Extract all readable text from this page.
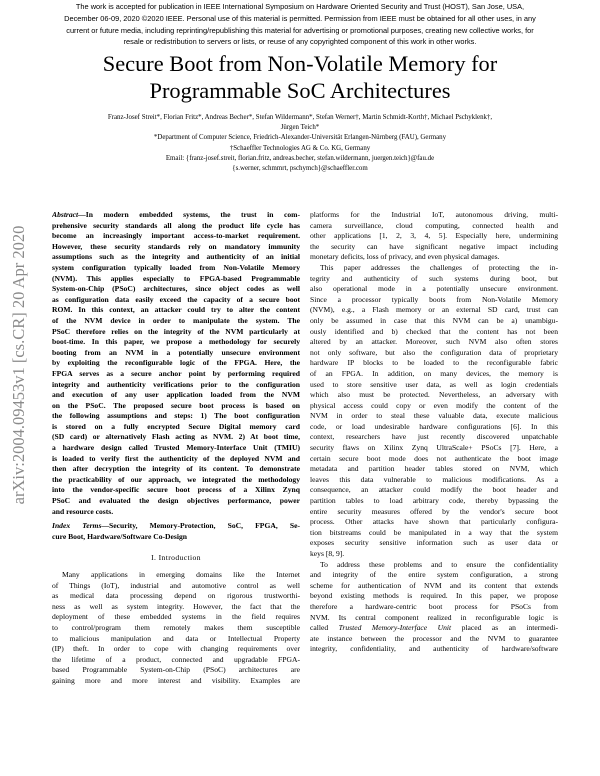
The work is accepted for publication in IEEE International Symposium on Hardware Oriented Security and Trust (HOST), San Jose, USA,
December 06-09, 2020 ©2020 IEEE. Personal use of this material is permitted. Permission from IEEE must be obtained for all other uses, in any
current or future media, including reprinting/republishing this material for advertising or promotional purposes, creating new collective works, for
resale or redistribution to servers or lists, or reuse of any copyrighted component of this work in other works.
Secure Boot from Non-Volatile Memory for
Programmable SoC Architectures
Franz-Josef Streit*, Florian Fritz*, Andreas Becher*, Stefan Wildermann*, Stefan Werner†, Martin Schmidt-Korth†, Michael Pschyklenk†,
Jürgen Teich*
*Department of Computer Science, Friedrich-Alexander-Universität Erlangen-Nürnberg (FAU), Germany
†Schaeffler Technologies AG & Co. KG, Germany
Email: {franz-josef.streit, florian.fritz, andreas.becher, stefan.wildermann, juergen.teich}@fau.de
{s.werner, schmmrt, pschymch}@schaeffler.com
arXiv:2004.09453v1 [cs.CR] 20 Apr 2020
Abstract—In modern embedded systems, the trust in com-
prehensive security standards all along the product life cycle has
become an increasingly important access-to-market requirement.
However, these security standards rely on mandatory immunity
assumptions such as the integrity and authenticity of an initial
system configuration typically loaded from Non-Volatile Memory
(NVM). This applies especially to FPGA-based Programmable
System-on-Chip (PSoC) architectures, since object codes as well
as configuration data easily exceed the capacity of a secure boot
ROM. In this context, an attacker could try to alter the content
of the NVM device in order to manipulate the system. The
PSoC therefore relies on the integrity of the NVM particularly at
boot-time. In this paper, we propose a methodology for securely
booting from an NVM in a potentially unsecure environment
by exploiting the reconfigurable logic of the FPGA. Here, the
FPGA serves as a secure anchor point by performing required
integrity and authenticity verifications prior to the configuration
and execution of any user application loaded from the NVM
on the PSoC. The proposed secure boot process is based on
the following assumptions and steps: 1) The boot configuration
is stored on a fully encrypted Secure Digital memory card
(SD card) or alternatively Flash acting as NVM. 2) At boot time,
a hardware design called Trusted Memory-Interface Unit (TMIU)
is loaded to verify first the authenticity of the deployed NVM and
then after decryption the integrity of its content. To demonstrate
the practicability of our approach, we integrated the methodology
into the vendor-specific secure boot process of a Xilinx Zynq
PSoC and evaluated the design objectives performance, power
and resource costs.
Index Terms—Security, Memory-Protection, SoC, FPGA, Se-
cure Boot, Hardware/Software Co-Design
I. Introduction
Many applications in emerging domains like the Internet
of Things (IoT), industrial and automotive control as well
as medical data processing depend on rigorous trustworthi-
ness as well as system integrity. However, the fact that the
deployment of these embedded systems in the field requires
to control/program them remotely makes them susceptible
to malicious manipulation and data or Intellectual Property
(IP) theft. In order to cope with changing requirements over
the lifetime of a product, connected and upgradable FPGA-
based Programmable System-on-Chip (PSoC) architectures are
gaining more and more interest and visibility. Examples are
platforms for the Industrial IoT, autonomous driving, multi-
camera surveillance, cloud computing, connected health and
other applications [1, 2, 3, 4, 5]. Especially here, undermining
the security can have significant negative impact including
monetary deficits, loss of privacy, and even physical damages.
This paper addresses the challenges of protecting the in-
tegrity and authenticity of such systems during boot, but
also operational mode in a potentially unsecure environment.
Since a processor typically boots from Non-Volatile Memory
(NVM), e.g., a Flash memory or an external SD card, trust can
only be assumed in case that this NVM can be a) unambigu-
ously identified and b) checked that the content has not been
altered by an attacker. Moreover, such NVM also often stores
not only software, but also the configuration data of proprietary
hardware IP blocks to be loaded to the reconfigurable fabric
of an FPGA. In addition, on many devices, the memory is
used to store sensitive user data, as well as login credentials
which also must be protected. Nevertheless, an adversary with
physical access could copy or even modify the content of the
NVM in order to steal these valuable data, execute malicious
code, or load undesirable hardware configurations [6]. In this
context, researchers have just recently discovered unpatchable
security flaws on Xilinx Zynq UltraScale+ PSoCs [7]. Here, a
certain secure boot mode does not authenticate the boot image
metadata and partition header tables stored on NVM, which
leaves this data vulnerable to malicious modifications. As a
consequence, an attacker could modify the boot header and
partition tables to load arbitrary code, thereby bypassing the
entire security measures offered by the vendor's secure boot
process. Other attacks have shown that particularly configura-
tion bitstreams could be manipulated in a way that the system
exposes security sensitive information such as user data or
keys [8, 9].
To address these problems and to ensure the confidentiality
and integrity of the entire system configuration, a strong
scheme for authentication of NVM and its content that extends
beyond existing methods is required. In this paper, we propose
therefore a hardware-centric boot process for PSoCs from
NVM. Its central component realized in reconfigurable logic is
called Trusted Memory-Interface Unit placed as an intermedi-
ate instance between the processor and the NVM to guarantee
integrity, confidentiality, and authenticity of hardware/software
